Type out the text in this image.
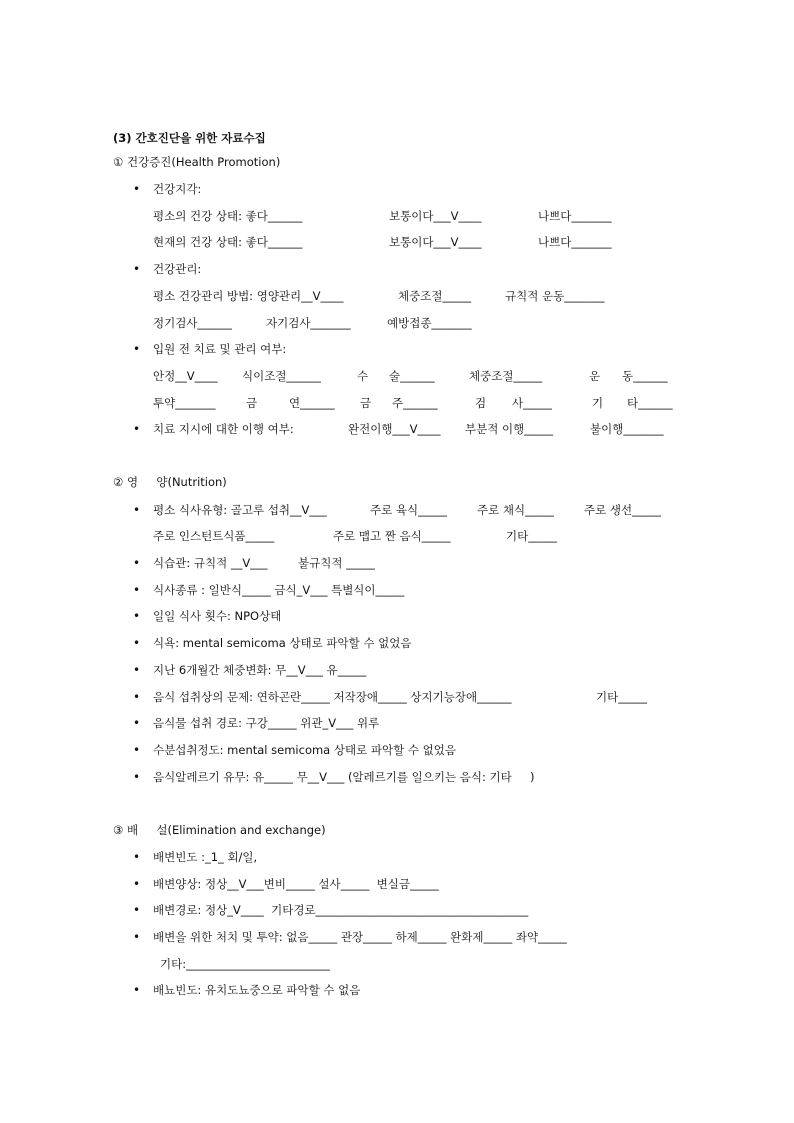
(3) 간호진단을 위한 자료수집
① 건강증진(Health Promotion)
• 건강지각:
평소의 건강 상태: 좋다______	보통이다___V____	나쁘다_______
현재의 건강 상태: 좋다______	보통이다___V____	나쁘다_______
• 건강관리:
평소 건강관리 방법: 영양관리__V____	체중조절_____	규칙적 운동_______
정기검사______	자기검사_______	예방접종_______
• 입원 전 치료 및 관리 여부:
안정__V____ 식이조절______	수 술______	체중조절_____	운 동______
투약_______	금	연______ 금 주______	검 사_____	기 타______
• 치료 지시에 대한 이행 여부:	완전이행___V____ 부분적 이행_____	불이행_______
② 영     양(Nutrition)
• 평소 식사유형: 골고루 섭취__V___	주로 육식_____	주로 채식_____	주로 생선_____
주로 인스턴트식품_____	주로 맵고 짠 음식_____	기타_____
• 식습관: 규칙적 __V___	불규칙적 _____
• 식사종류 : 일반식_____ 금식_V___ 특별식이_____
• 일일 식사 횟수: NPO상태
• 식욕: mental semicoma 상태로 파악할 수 없었음
• 지난 6개월간 체중변화: 무__V___ 유_____
• 음식 섭취상의 문제: 연하곤란_____ 저작장애_____ 상지기능장애______	기타_____
• 음식물 섭취 경로: 구강_____ 위관_V___ 위루
• 수분섭취정도: mental semicoma 상태로 파악할 수 없었음
• 음식알레르기 유무: 유_____ 무__V___ (알레르기를 일으키는 음식: 기타     )
③ 배     설(Elimination and exchange)
• 배변빈도 :_1_ 회/일,
• 배변양상: 정상__V___변비_____ 설사_____  변실금_____
• 배변경로: 정상_V____  기타경로_____________________________________
• 배변을 위한 처치 및 투약: 없음_____ 관장_____ 하제_____ 완화제_____ 좌약_____
기타:_________________________
• 배뇨빈도: 유치도뇨중으로 파악할 수 없음
